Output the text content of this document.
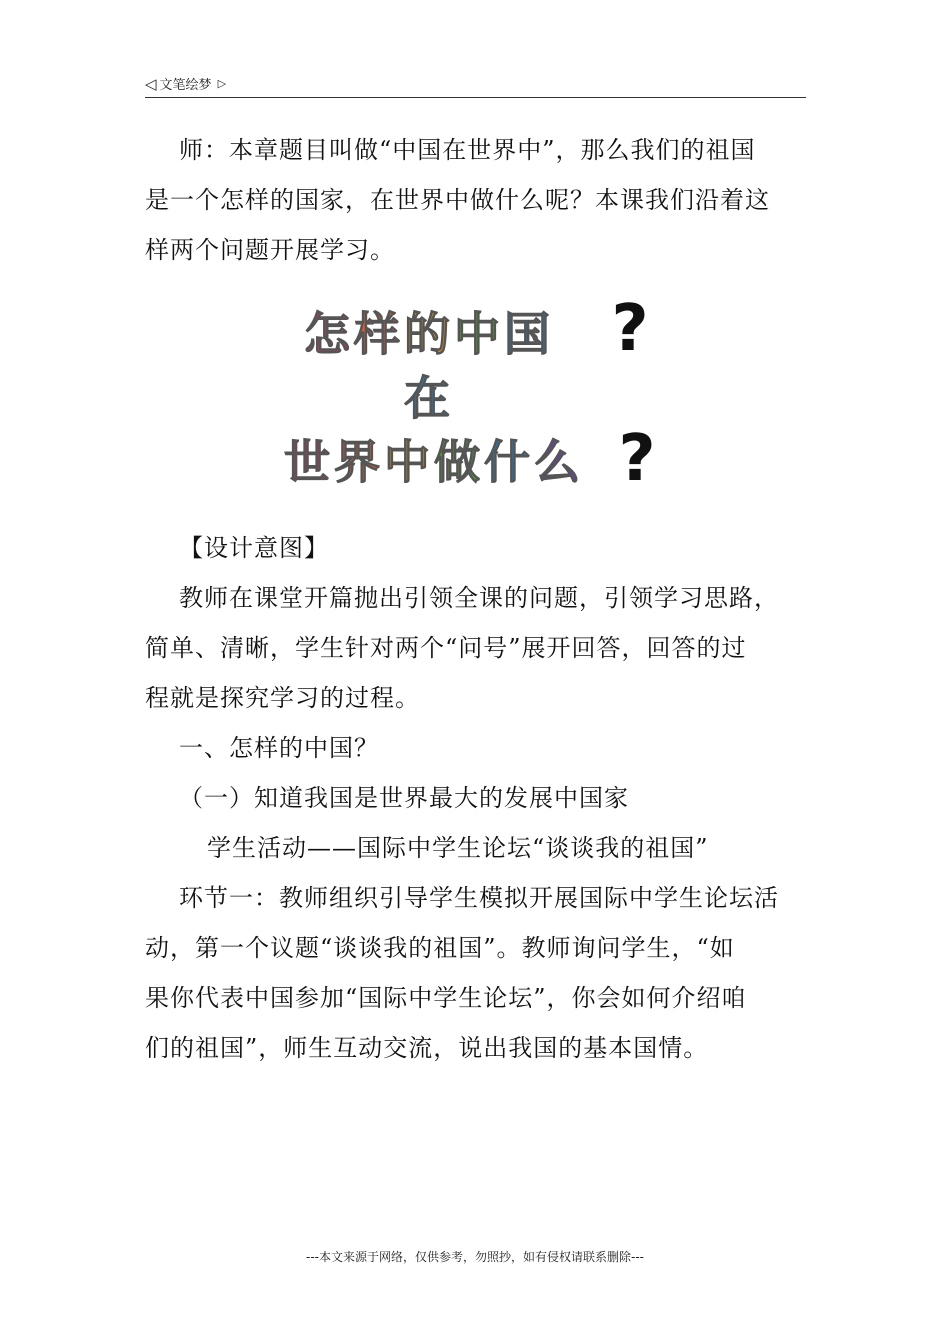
◁ 文笔绘梦 ▷
师：本章题目叫做“中国在世界中”，那么我们的祖国
是一个怎样的国家，在世界中做什么呢？本课我们沿着这
样两个问题开展学习。
怎 样 的 中 国
在
世 界 中 做 什 么
?
?
【设计意图】
教师在课堂开篇抛出引领全课的问题，引领学习思路，
简单、清晰，学生针对两个“问号”展开回答，回答的过
程就是探究学习的过程。
一、怎样的中国？
（一）知道我国是世界最大的发展中国家
学生活动——国际中学生论坛“谈谈我的祖国”
环节一：教师组织引导学生模拟开展国际中学生论坛活
动，第一个议题“谈谈我的祖国”。教师询问学生，“如
果你代表中国参加“国际中学生论坛”，你会如何介绍咱
们的祖国”，师生互动交流，说出我国的基本国情。
---本文来源于网络，仅供参考，勿照抄，如有侵权请联系删除---
